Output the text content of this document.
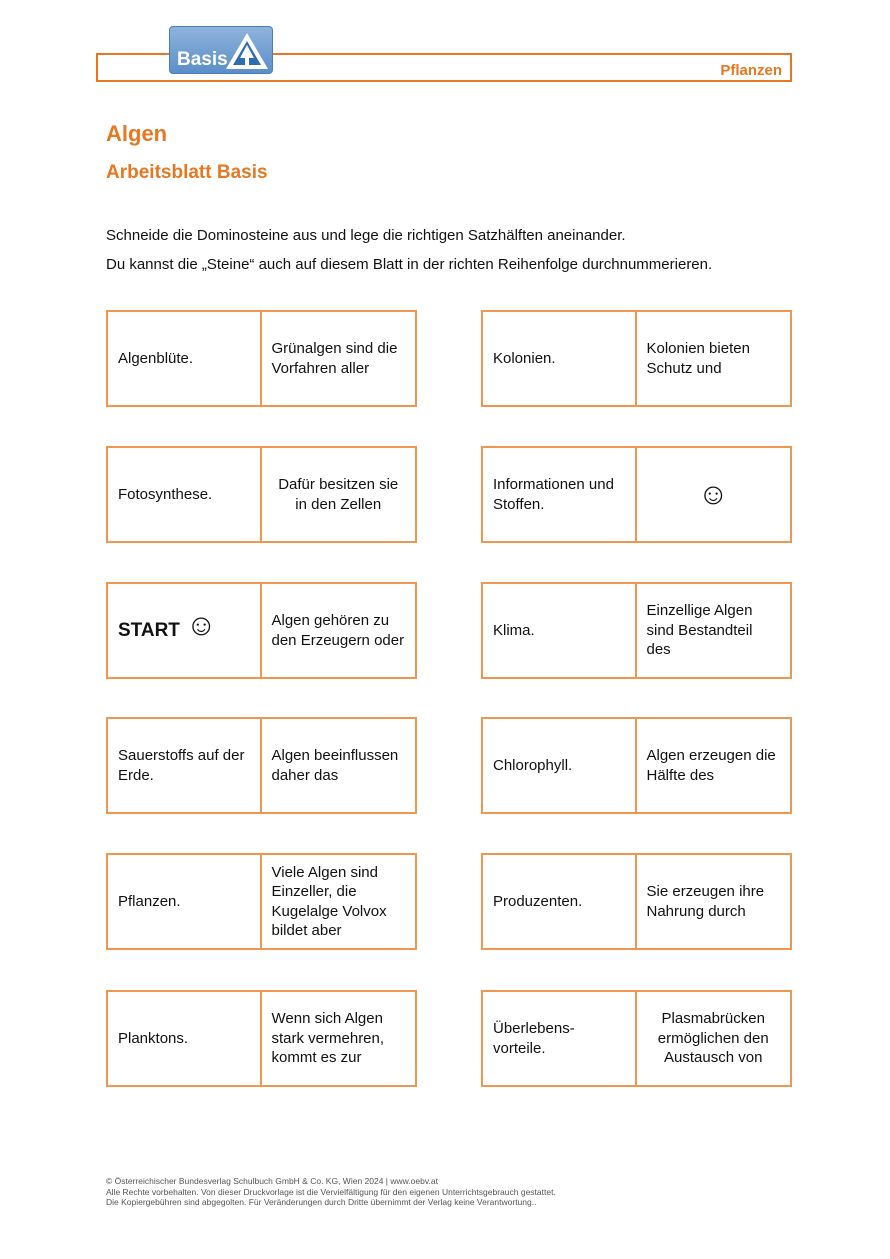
Pflanzen
Basis
Algen
Arbeitsblatt Basis
Schneide die Dominosteine aus und lege die richtigen Satzhälften aneinander.
Du kannst die „Steine“ auch auf diesem Blatt in der richten Reihenfolge durchnummerieren.
Algenblüte.
Grünalgen sind die Vorfahren aller
Kolonien.
Kolonien bieten Schutz und
Fotosynthese.
Dafür besitzen sie in den Zellen
Informationen und Stoffen.	☺
START ☺	Algen gehören zu den Erzeugern oder
Klima.
Einzellige Algen sind Bestandteil des
Sauerstoffs auf der Erde.
Algen beeinflussen daher das
Chlorophyll.
Algen erzeugen die Hälfte des
Pflanzen.
Viele Algen sind Einzeller, die Kugelalge Volvox bildet aber
Produzenten.
Sie erzeugen ihre Nahrung durch
Planktons.
Wenn sich Algen stark vermehren, kommt es zur
Überlebens-vorteile.
Plasmabrücken ermöglichen den Austausch von
© Österreichischer Bundesverlag Schulbuch GmbH & Co. KG, Wien 2024 | www.oebv.at
Alle Rechte vorbehalten. Von dieser Druckvorlage ist die Vervielfältigung für den eigenen Unterrichtsgebrauch gestattet.
Die Kopiergebühren sind abgegolten. Für Veränderungen durch Dritte übernimmt der Verlag keine Verantwortung..
